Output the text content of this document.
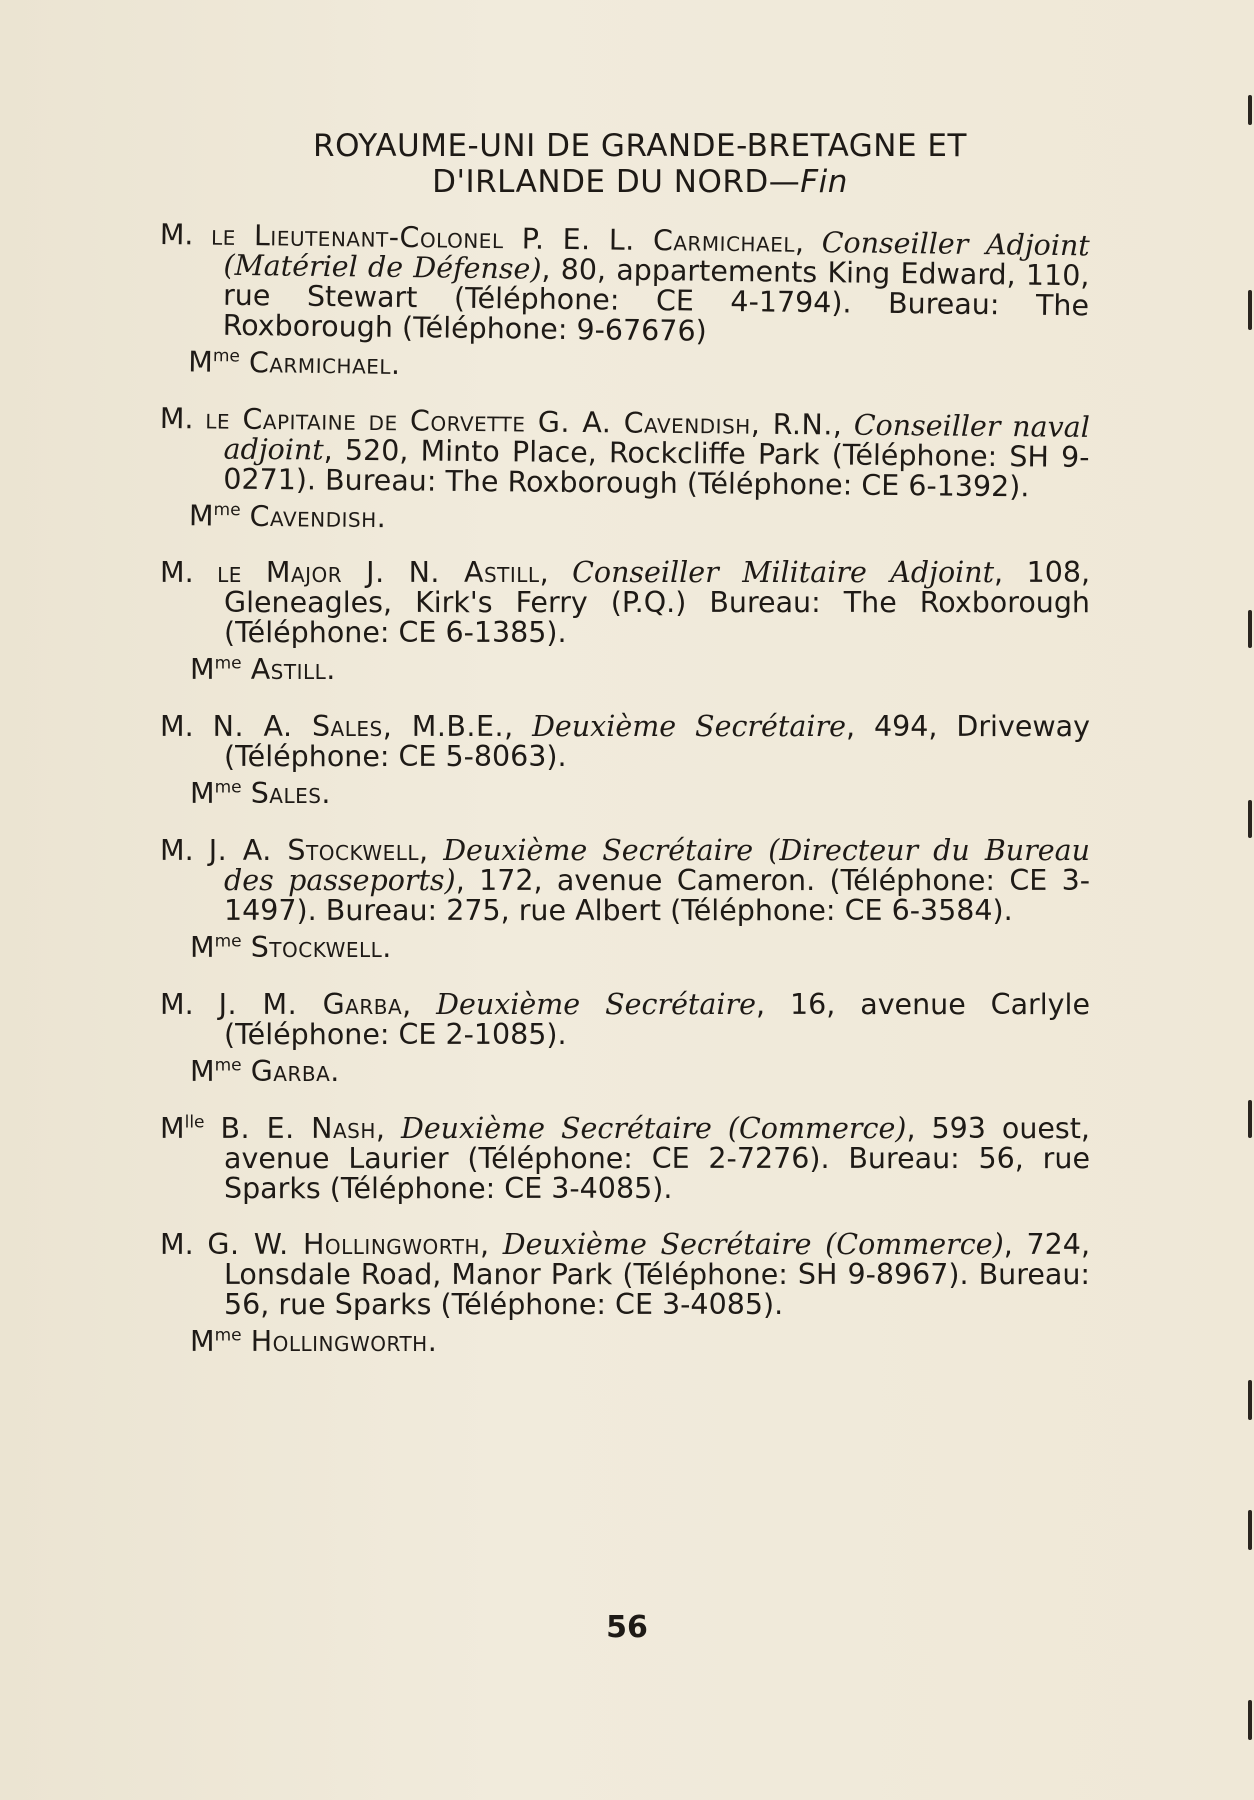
ROYAUME-UNI DE GRANDE-BRETAGNE ET
D'IRLANDE DU NORD—Fin
M. le Lieutenant-Colonel P. E. L. Carmichael, Conseiller Adjoint (Matériel de Défense), 80, appartements King Edward, 110, rue Stewart (Téléphone: CE 4-1794). Bureau: The Roxborough (Téléphone: 9-67676)
$M^{me}$ Carmichael.
M. le Capitaine de Corvette G. A. Cavendish, R.N., Conseiller naval adjoint, 520, Minto Place, Rockcliffe Park (Téléphone: SH 9-0271). Bureau: The Roxborough (Téléphone: CE 6-1392).
$M^{me}$ Cavendish.
M. le Major J. N. Astill, Conseiller Militaire Adjoint, 108, Gleneagles, Kirk's Ferry (P.Q.) Bureau: The Roxborough (Téléphone: CE 6-1385).
$M^{me}$ Astill.
M. N. A. Sales, M.B.E., Deuxième Secrétaire, 494, Driveway (Téléphone: CE 5-8063).
$M^{me}$ Sales.
M. J. A. Stockwell, Deuxième Secrétaire (Directeur du Bureau des passeports), 172, avenue Cameron. (Téléphone: CE 3-1497). Bureau: 275, rue Albert (Téléphone: CE 6-3584).
$M^{me}$ Stockwell.
M. J. M. Garba, Deuxième Secrétaire, 16, avenue Carlyle (Téléphone: CE 2-1085).
$M^{me}$ Garba.
$M^{lle}$ B. E. Nash, Deuxième Secrétaire (Commerce), 593 ouest, avenue Laurier (Téléphone: CE 2-7276). Bureau: 56, rue Sparks (Téléphone: CE 3-4085).
M. G. W. Hollingworth, Deuxième Secrétaire (Commerce), 724, Lonsdale Road, Manor Park (Téléphone: SH 9-8967). Bureau: 56, rue Sparks (Téléphone: CE 3-4085).
$M^{me}$ Hollingworth.
56
